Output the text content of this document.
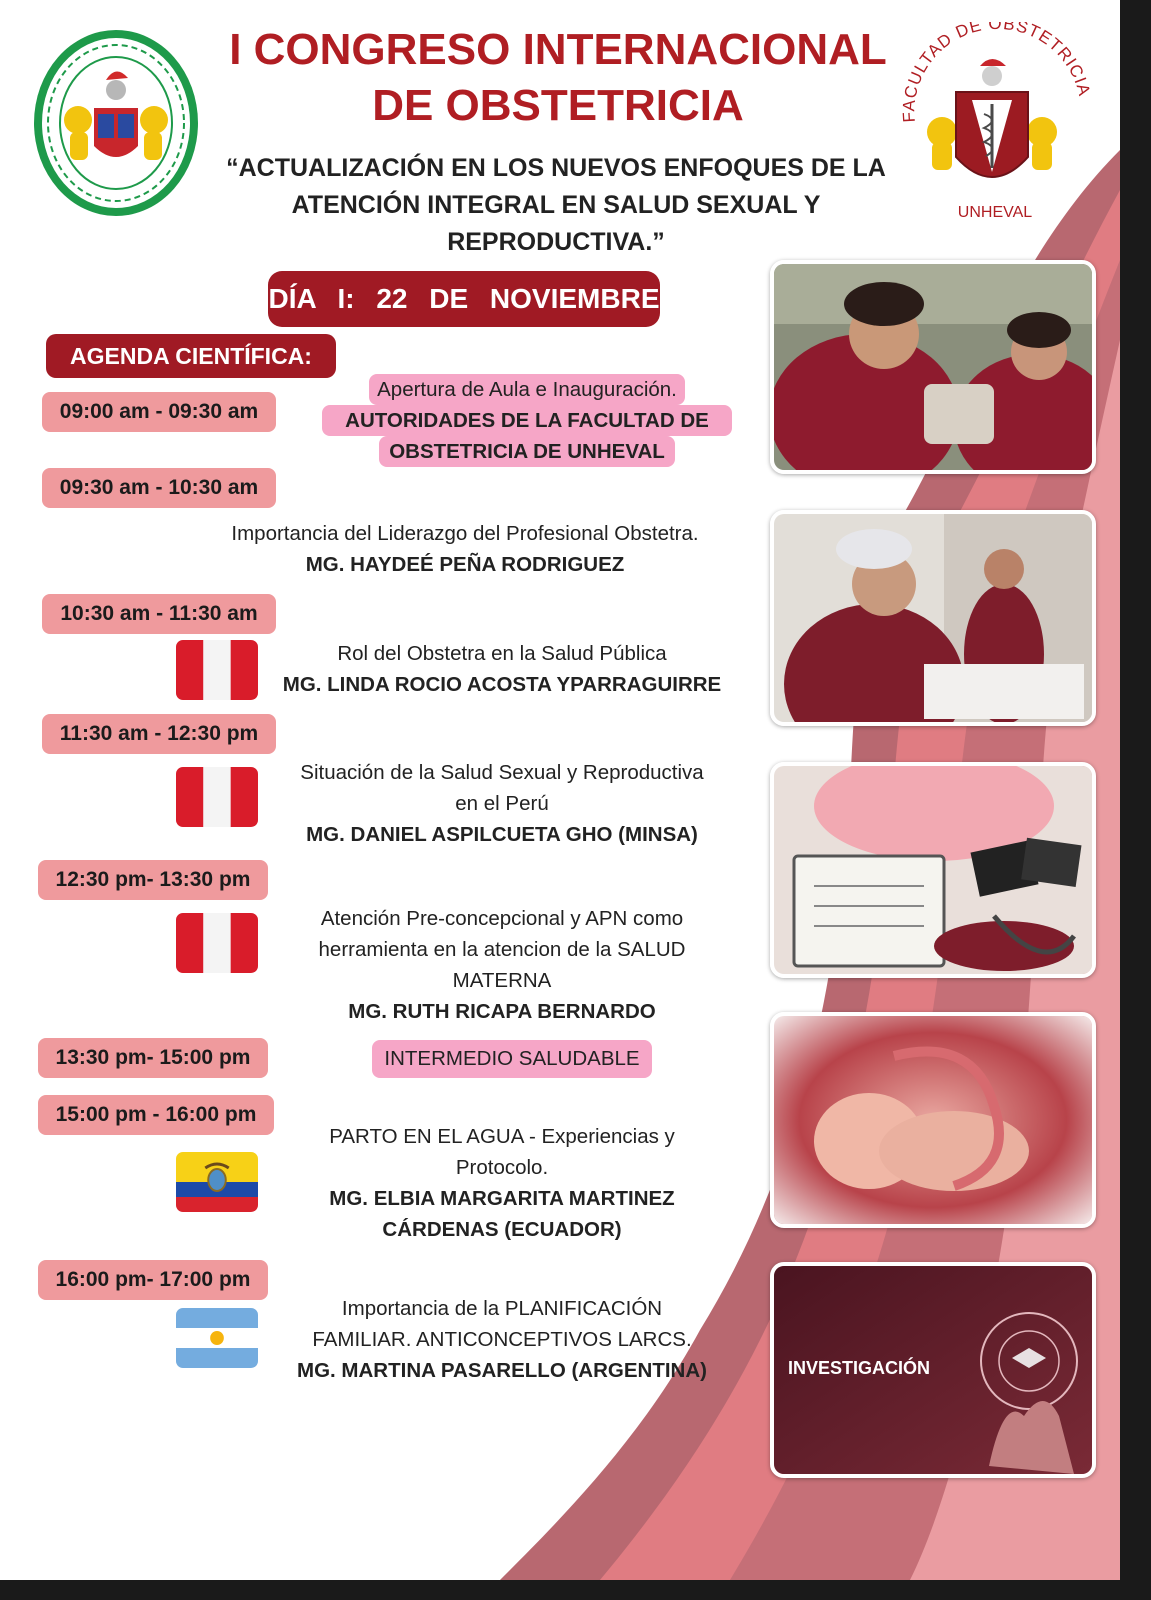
FACULTAD DE OBSTETRICIA
UNHEVAL
I CONGRESO INTERNACIONAL
DE OBSTETRICIA
“ACTUALIZACIÓN EN LOS NUEVOS ENFOQUES DE LA
ATENCIÓN INTEGRAL EN SALUD SEXUAL Y
REPRODUCTIVA.”
DÍA I: 22 DE NOVIEMBRE
AGENDA CIENTÍFICA:
09:00 am - 09:30 am
Apertura de Aula e Inauguración.
AUTORIDADES DE LA FACULTAD DE
OBSTETRICIA DE UNHEVAL
09:30 am - 10:30 am
Importancia del Liderazgo del Profesional Obstetra.
MG. HAYDEÉ PEÑA RODRIGUEZ
10:30 am - 11:30 am
Rol del Obstetra en la Salud Pública
MG. LINDA ROCIO ACOSTA YPARRAGUIRRE
11:30 am - 12:30 pm
Situación de la Salud Sexual y Reproductiva
en el Perú
MG. DANIEL ASPILCUETA GHO (MINSA)
12:30 pm- 13:30 pm
Atención Pre-concepcional y APN como
herramienta en la atencion de la SALUD
MATERNA
MG. RUTH RICAPA BERNARDO
13:30 pm- 15:00 pm	INTERMEDIO SALUDABLE
15:00 pm - 16:00 pm
PARTO EN EL AGUA - Experiencias y
Protocolo.
MG. ELBIA MARGARITA MARTINEZ
CÁRDENAS (ECUADOR)
16:00 pm- 17:00 pm
Importancia de la PLANIFICACIÓN
FAMILIAR. ANTICONCEPTIVOS LARCS.
MG. MARTINA PASARELLO (ARGENTINA)	INVESTIGACIÓN
